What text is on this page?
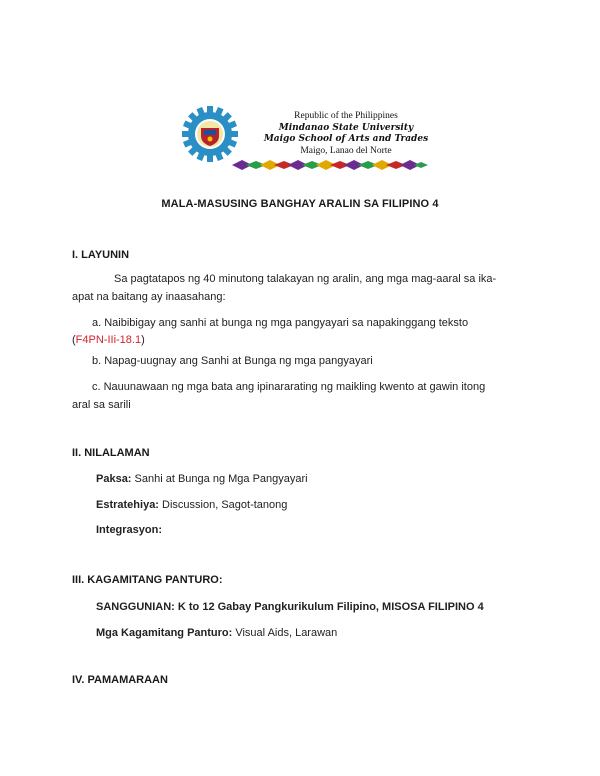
Republic of the Philippines
Mindanao State University
Maigo School of Arts and Trades
Maigo, Lanao del Norte
MALA-MASUSING BANGHAY ARALIN SA FILIPINO 4
I. LAYUNIN
Sa pagtatapos ng 40 minutong talakayan ng aralin, ang mga mag-aaral sa ika-
apat na baitang ay inaasahang:
a. Naibibigay ang sanhi at bunga ng mga pangyayari sa napakinggang teksto
(F4PN-IIi-18.1)
b. Napag-uugnay ang Sanhi at Bunga ng mga pangyayari
c. Nauunawaan ng mga bata ang ipinararating ng maikling kwento at gawin itong
aral sa sarili
II. NILALAMAN
Paksa: Sanhi at Bunga ng Mga Pangyayari
Estratehiya: Discussion, Sagot-tanong
Integrasyon:
III. KAGAMITANG PANTURO:
SANGGUNIAN: K to 12 Gabay Pangkurikulum Filipino, MISOSA FILIPINO 4
Mga Kagamitang Panturo: Visual Aids, Larawan
IV. PAMAMARAAN
